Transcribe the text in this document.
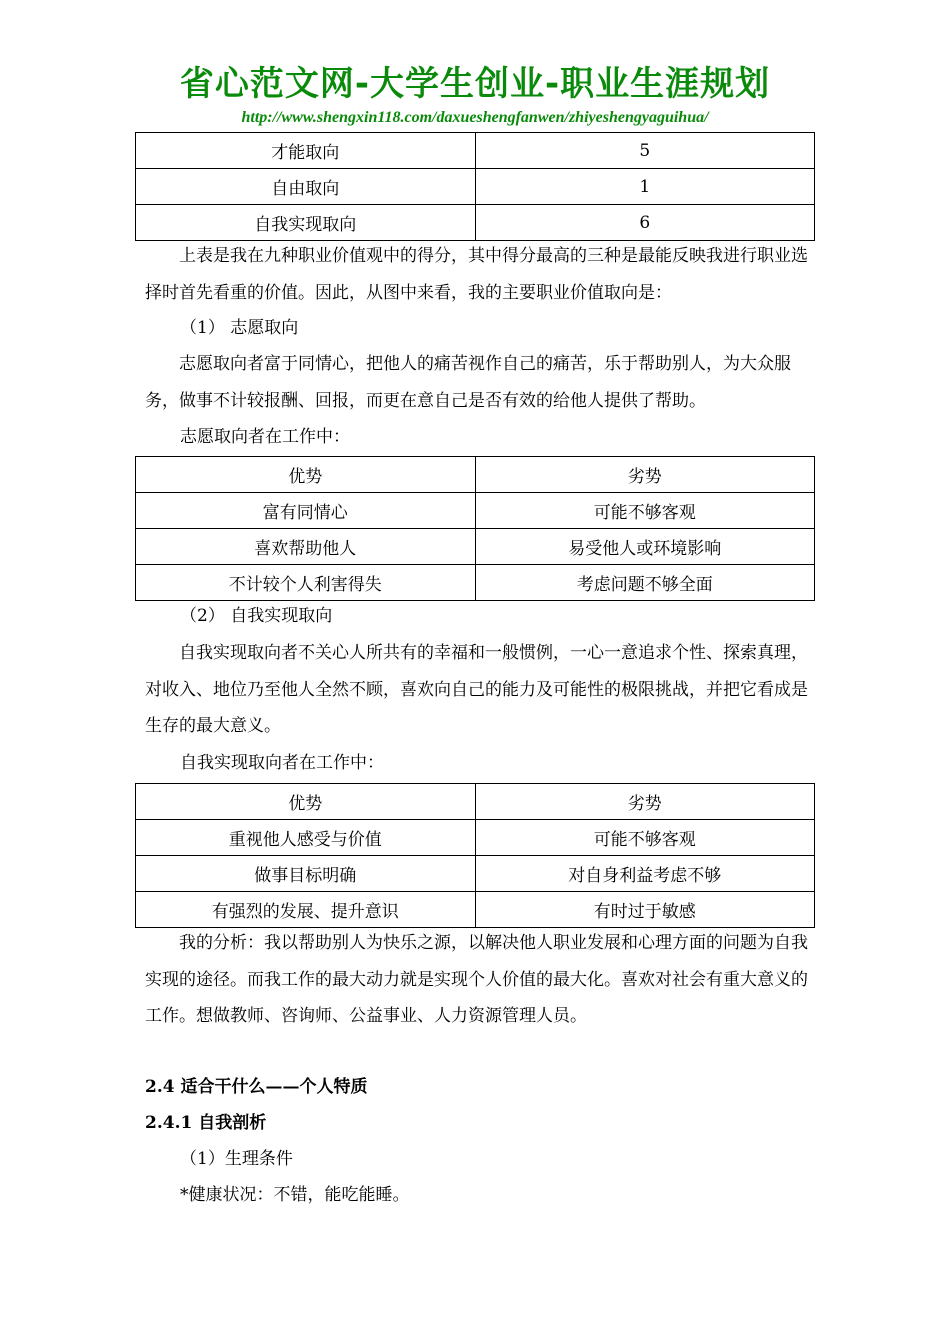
省心范文网-大学生创业-职业生涯规划
http://www.shengxin118.com/daxueshengfanwen/zhiyeshengyaguihua/
才能取向	5
自由取向	1
自我实现取向	6

上表是我在九种职业价值观中的得分，其中得分最高的三种是最能反映我进行职业选择时首先看重的价值。因此，从图中来看，我的主要职业价值取向是：

（1） 志愿取向

志愿取向者富于同情心，把他人的痛苦视作自己的痛苦，乐于帮助别人，为大众服务，做事不计较报酬、回报，而更在意自己是否有效的给他人提供了帮助。

志愿取向者在工作中：
优势	劣势
富有同情心	可能不够客观
喜欢帮助他人	易受他人或环境影响
不计较个人利害得失	考虑问题不够全面
（2） 自我实现取向

自我实现取向者不关心人所共有的幸福和一般惯例，一心一意追求个性、探索真理，对收入、地位乃至他人全然不顾，喜欢向自己的能力及可能性的极限挑战，并把它看成是生存的最大意义。

自我实现取向者在工作中：
优势	劣势
重视他人感受与价值	可能不够客观
做事目标明确	对自身利益考虑不够
有强烈的发展、提升意识	有时过于敏感

我的分析：我以帮助别人为快乐之源，以解决他人职业发展和心理方面的问题为自我实现的途径。而我工作的最大动力就是实现个人价值的最大化。喜欢对社会有重大意义的工作。想做教师、咨询师、公益事业、人力资源管理人员。

2.4 适合干什么——个人特质
2.4.1 自我剖析
（1）生理条件
*健康状况：不错，能吃能睡。
